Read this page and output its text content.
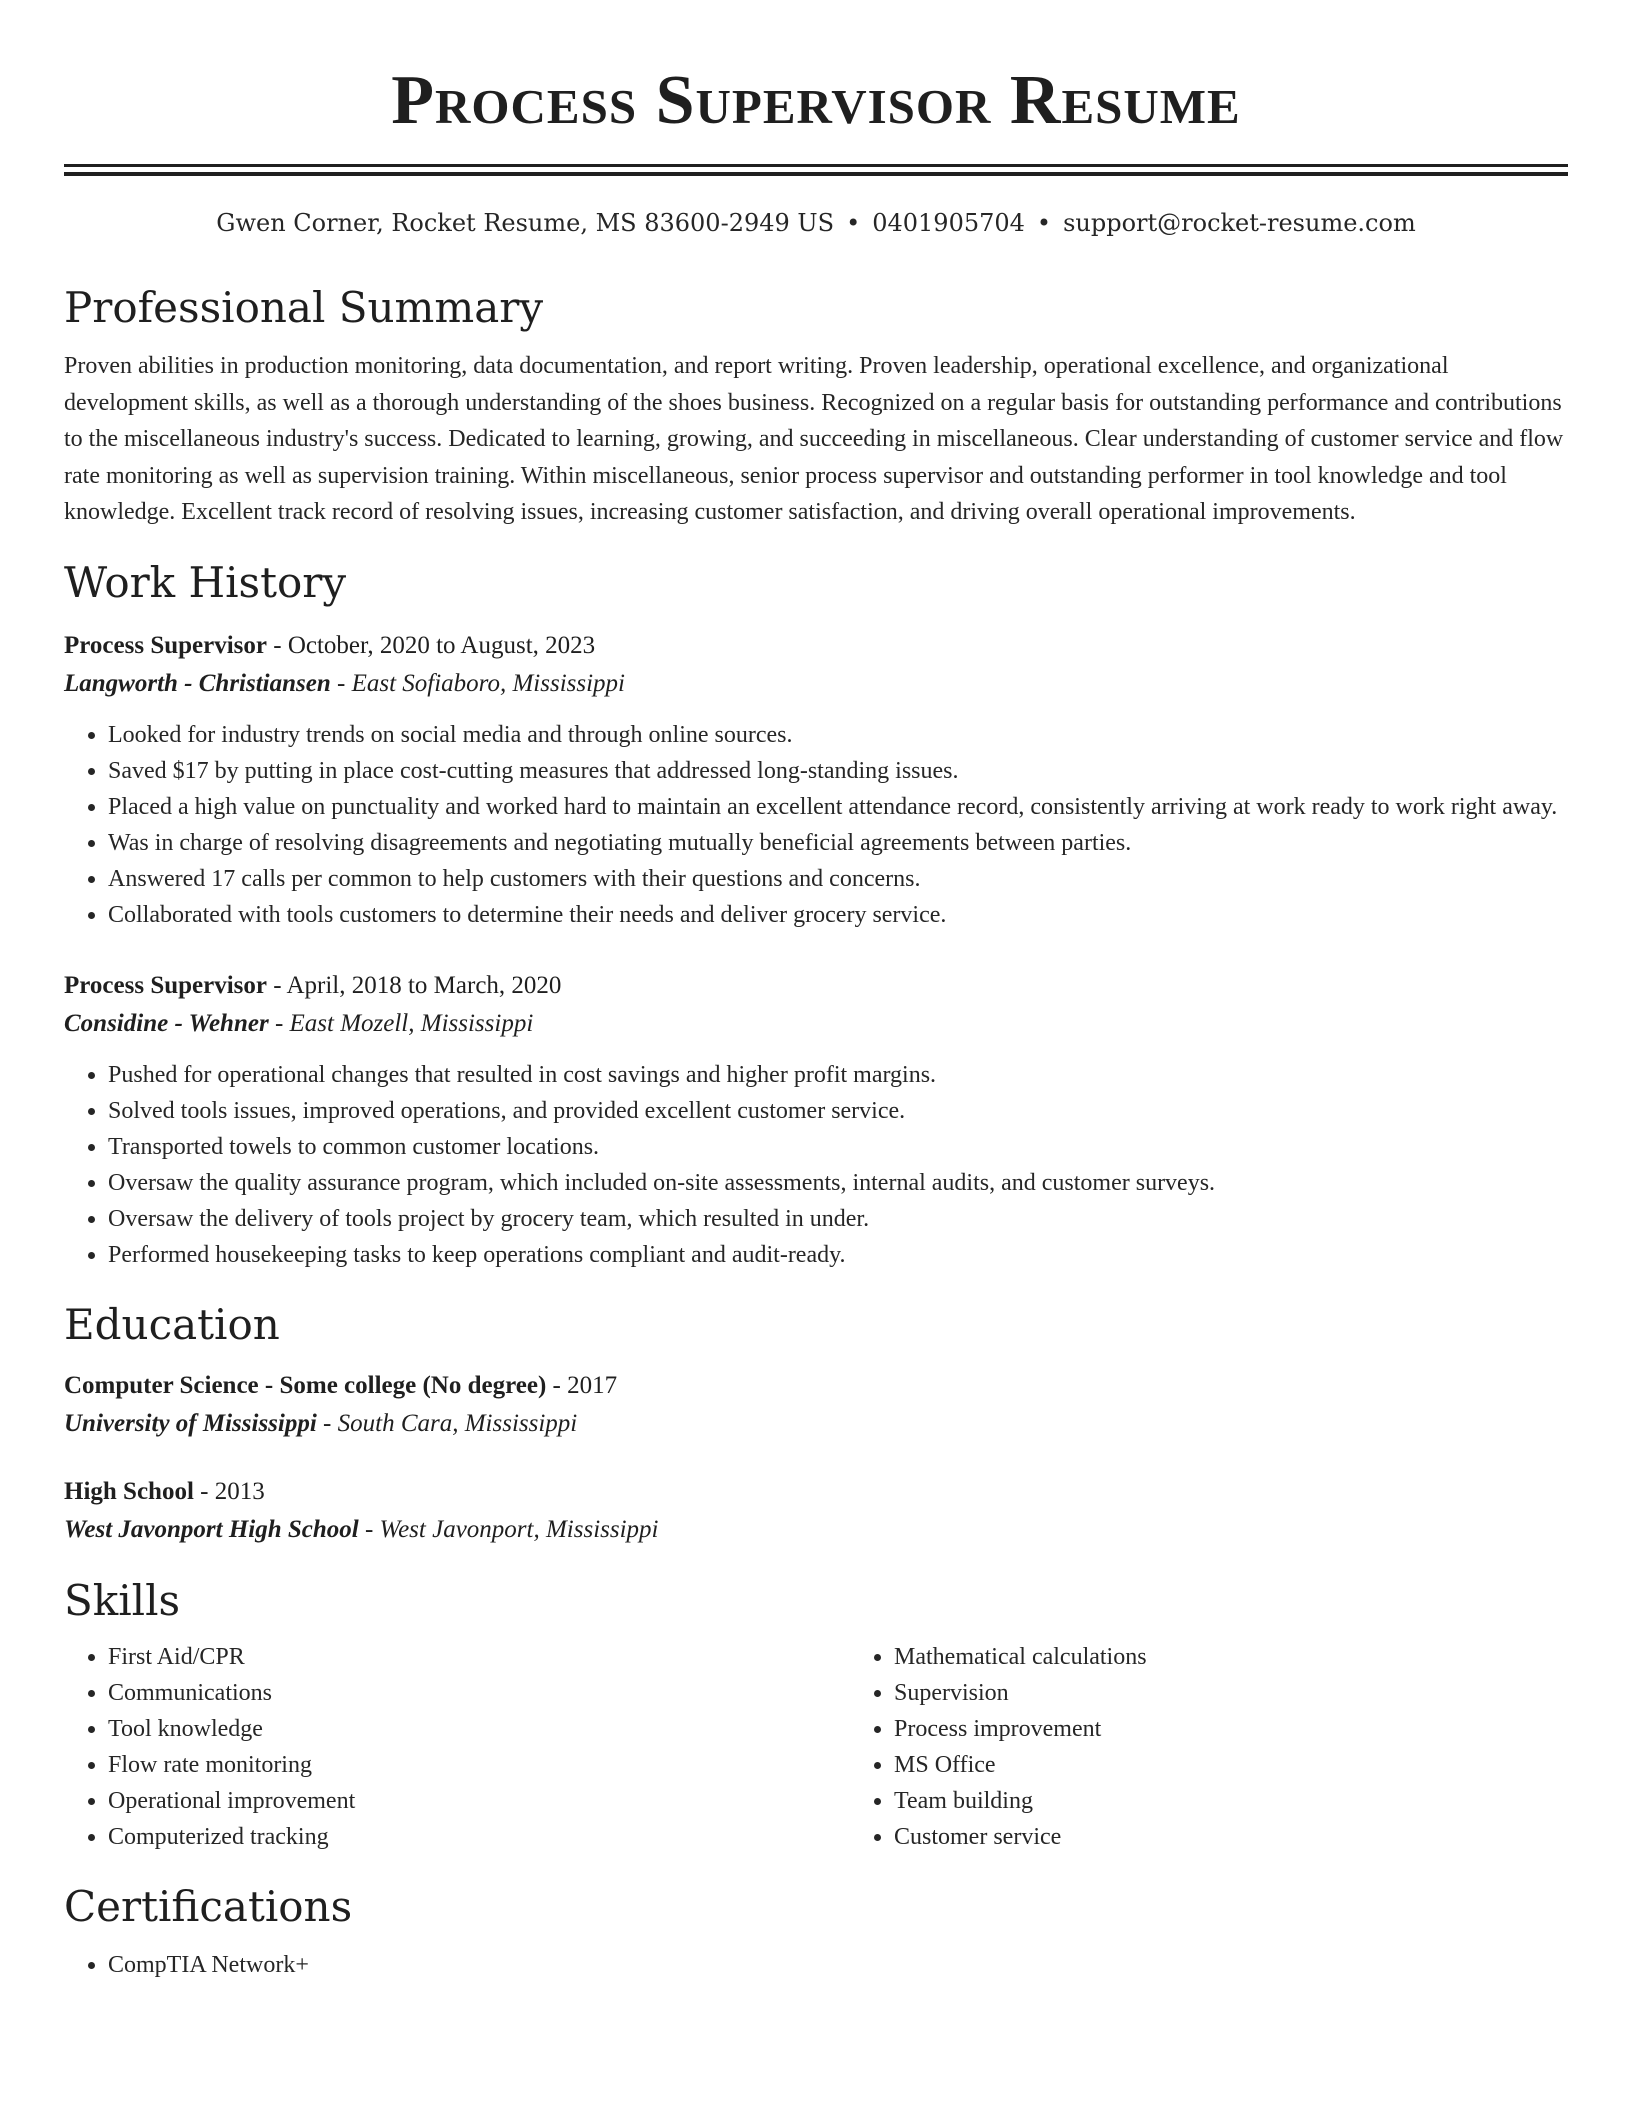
Process Supervisor Resume
Gwen Corner, Rocket Resume, MS 83600-2949 US • 0401905704 • support@rocket-resume.com
Professional Summary

Proven abilities in production monitoring, data documentation, and report writing. Proven leadership, operational excellence, and organizational development skills, as well as a thorough understanding of the shoes business. Recognized on a regular basis for outstanding performance and contributions to the miscellaneous industry's success. Dedicated to learning, growing, and succeeding in miscellaneous. Clear understanding of customer service and flow rate monitoring as well as supervision training. Within miscellaneous, senior process supervisor and outstanding performer in tool knowledge and tool knowledge. Excellent track record of resolving issues, increasing customer satisfaction, and driving overall operational improvements.

Work History
Process Supervisor - October, 2020 to August, 2023
Langworth - Christiansen - East Sofiaboro, Mississippi
• Looked for industry trends on social media and through online sources.
• Saved $17 by putting in place cost-cutting measures that addressed long-standing issues.
• Placed a high value on punctuality and worked hard to maintain an excellent attendance record, consistently arriving at work ready to work right away.
• Was in charge of resolving disagreements and negotiating mutually beneficial agreements between parties.
• Answered 17 calls per common to help customers with their questions and concerns.
• Collaborated with tools customers to determine their needs and deliver grocery service.
Process Supervisor - April, 2018 to March, 2020
Considine - Wehner - East Mozell, Mississippi
• Pushed for operational changes that resulted in cost savings and higher profit margins.
• Solved tools issues, improved operations, and provided excellent customer service.
• Transported towels to common customer locations.
• Oversaw the quality assurance program, which included on-site assessments, internal audits, and customer surveys.
• Oversaw the delivery of tools project by grocery team, which resulted in under.
• Performed housekeeping tasks to keep operations compliant and audit-ready.
Education
Computer Science - Some college (No degree) - 2017
University of Mississippi - South Cara, Mississippi
High School - 2013
West Javonport High School - West Javonport, Mississippi
Skills
• First Aid/CPR
• Communications
• Tool knowledge
• Flow rate monitoring
• Operational improvement
• Computerized tracking
• Mathematical calculations
• Supervision
• Process improvement
• MS Office
• Team building
• Customer service
Certifications
• CompTIA Network+
